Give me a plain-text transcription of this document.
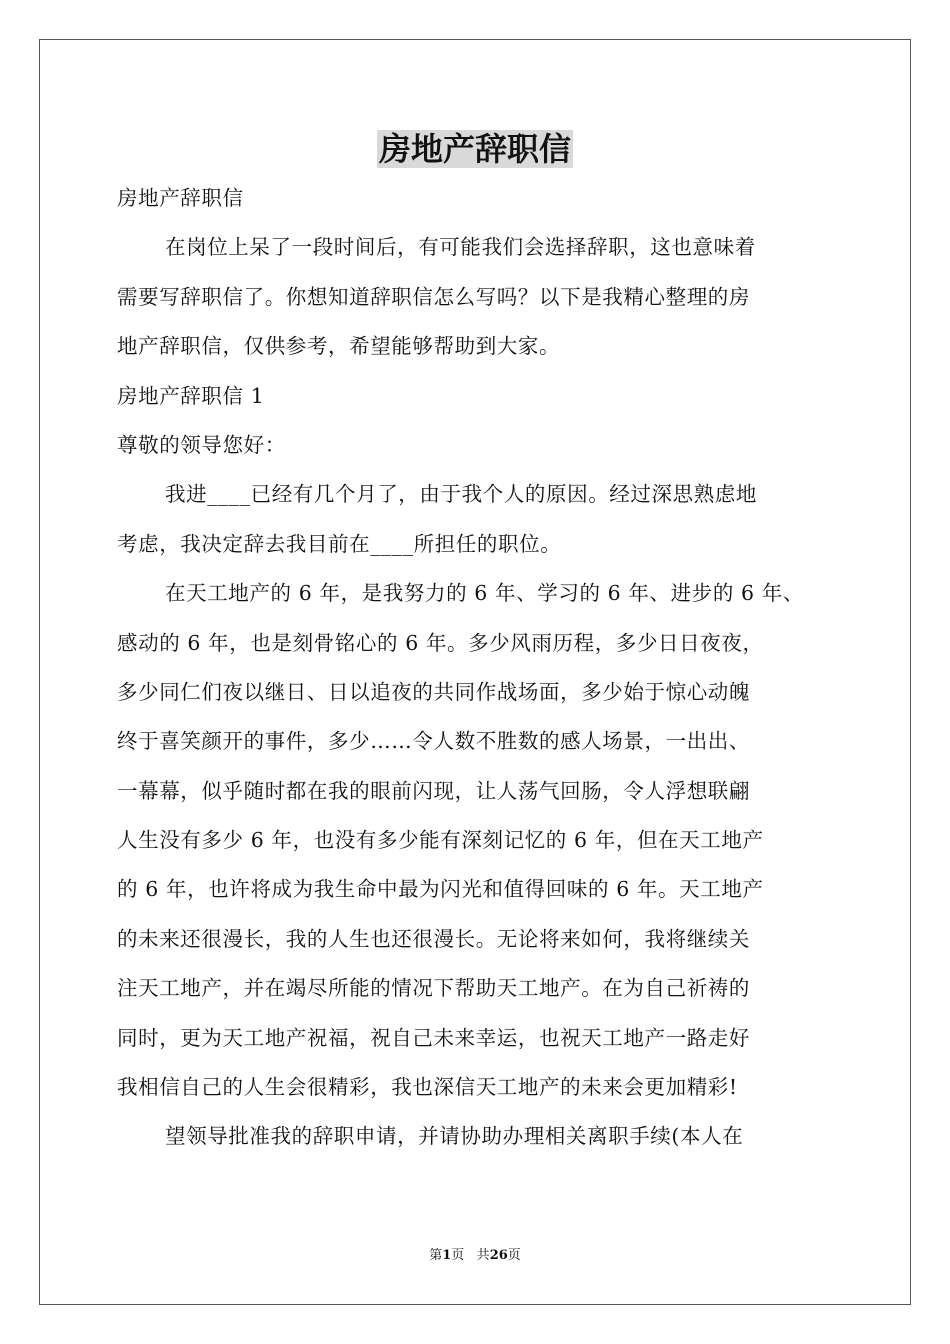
房地产辞职信
房地产辞职信
在岗位上呆了一段时间后，有可能我们会选择辞职，这也意味着
需要写辞职信了。你想知道辞职信怎么写吗？以下是我精心整理的房
地产辞职信，仅供参考，希望能够帮助到大家。
房地产辞职信 1
尊敬的领导您好：
我进____已经有几个月了，由于我个人的原因。经过深思熟虑地
考虑，我决定辞去我目前在____所担任的职位。
在天工地产的 6 年，是我努力的 6 年、学习的 6 年、进步的 6 年、
感动的 6 年，也是刻骨铭心的 6 年。多少风雨历程，多少日日夜夜，
多少同仁们夜以继日、日以追夜的共同作战场面，多少始于惊心动魄
终于喜笑颜开的事件，多少……令人数不胜数的感人场景，一出出、
一幕幕，似乎随时都在我的眼前闪现，让人荡气回肠，令人浮想联翩
人生没有多少 6 年，也没有多少能有深刻记忆的 6 年，但在天工地产
的 6 年，也许将成为我生命中最为闪光和值得回味的 6 年。天工地产
的未来还很漫长，我的人生也还很漫长。无论将来如何，我将继续关
注天工地产，并在竭尽所能的情况下帮助天工地产。在为自己祈祷的
同时，更为天工地产祝福，祝自己未来幸运，也祝天工地产一路走好
我相信自己的人生会很精彩，我也深信天工地产的未来会更加精彩!
望领导批准我的辞职申请，并请协助办理相关离职手续(本人在
第1页 共26页
